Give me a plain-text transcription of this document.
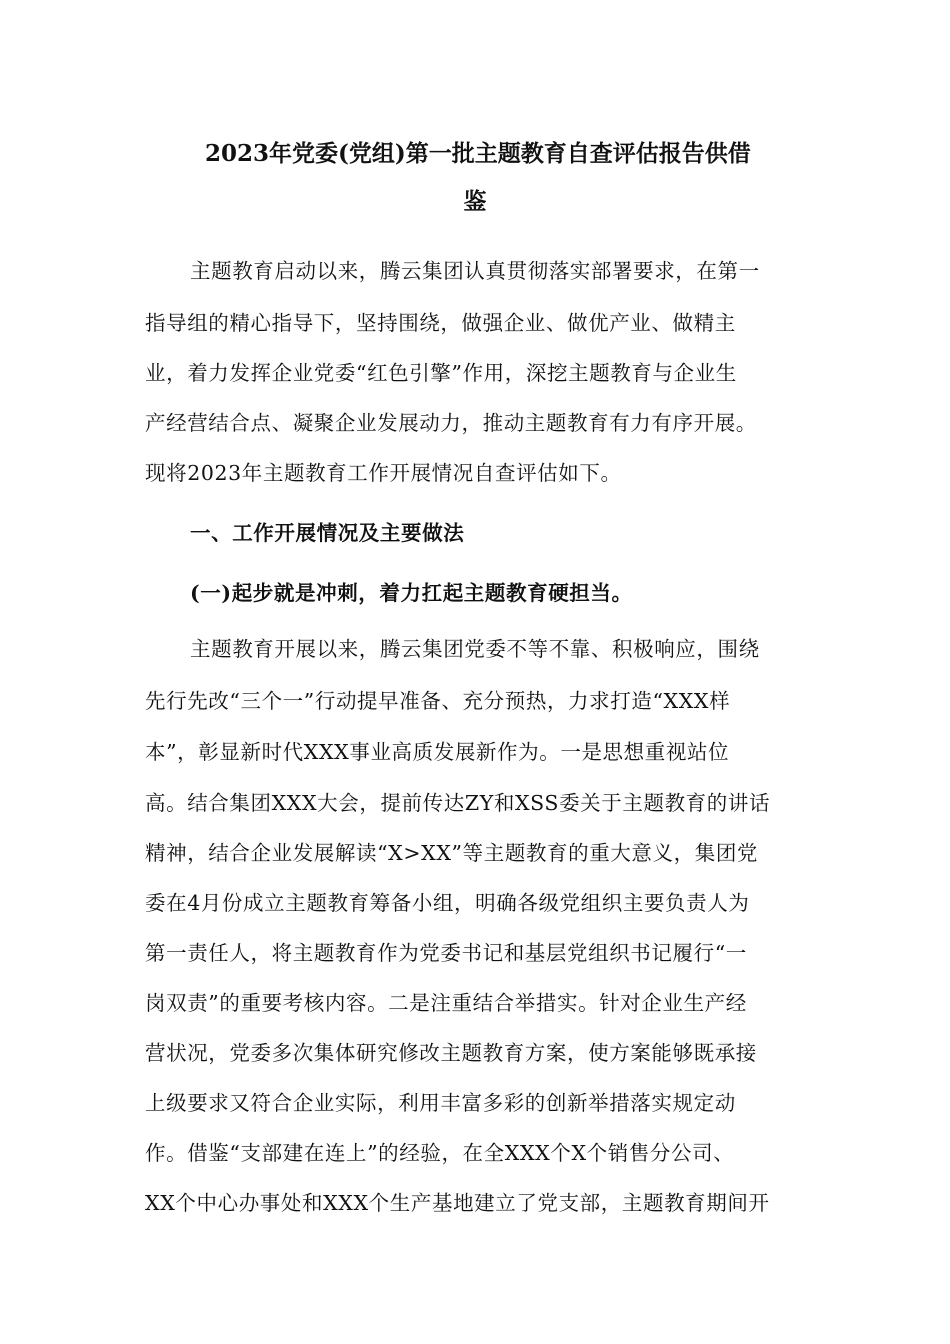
2023年党委(党组)第一批主题教育自查评估报告供借
鉴
主题教育启动以来，腾云集团认真贯彻落实部署要求，在第一
指导组的精心指导下，坚持围绕，做强企业、做优产业、做精主
业，着力发挥企业党委“红色引擎”作用，深挖主题教育与企业生
产经营结合点、凝聚企业发展动力，推动主题教育有力有序开展。
现将2023年主题教育工作开展情况自查评估如下。
一、工作开展情况及主要做法
(一)起步就是冲刺，着力扛起主题教育硬担当。
主题教育开展以来，腾云集团党委不等不靠、积极响应，围绕
先行先改“三个一”行动提早准备、充分预热，力求打造“XXX样
本”，彰显新时代XXX事业高质发展新作为。一是思想重视站位
高。结合集团XXX大会，提前传达ZY和XSS委关于主题教育的讲话
精神，结合企业发展解读“X>XX”等主题教育的重大意义，集团党
委在4月份成立主题教育筹备小组，明确各级党组织主要负责人为
第一责任人，将主题教育作为党委书记和基层党组织书记履行“一
岗双责”的重要考核内容。二是注重结合举措实。针对企业生产经
营状况，党委多次集体研究修改主题教育方案，使方案能够既承接
上级要求又符合企业实际，利用丰富多彩的创新举措落实规定动
作。借鉴“支部建在连上”的经验，在全XXX个X个销售分公司、
XX个中心办事处和XXX个生产基地建立了党支部，主题教育期间开
